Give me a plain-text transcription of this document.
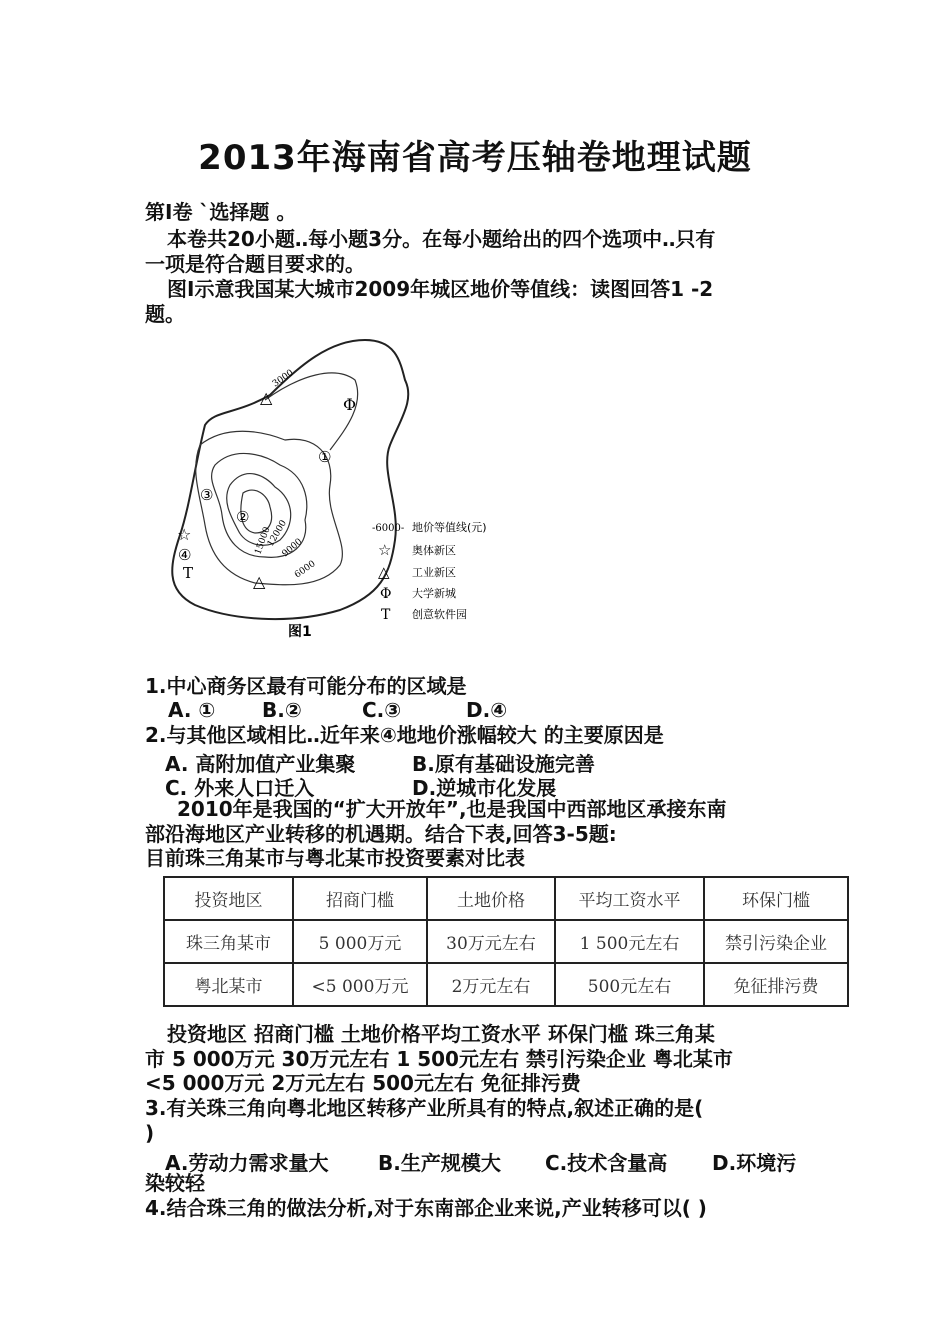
2013年海南省高考压轴卷地理试题
第Ⅰ卷 `选择题 。
本卷共20小题‥每小题3分。在每小题给出的四个选项中‥只有
一项是符合题目要求的。
图Ⅰ示意我国某大城市2009年城区地价等值线：读图回答1 -2
题。
3000
15000
12000
9000
6000
△
△
Φ
☆
T
①
②
③
④
-6000- 地价等值线(元)
☆ 奥体新区
△ 工业新区
Φ 大学新城
T 创意软件园
图1
1.中心商务区最有可能分布的区域是
A. ① B.②	C.③	D.④
2.与其他区域相比‥近年来④地地价涨幅较大 的主要原因是
A. 高附加值产业集聚	B.原有基础设施完善
C. 外来人口迁入	D.逆城市化发展
2010年是我国的“扩大开放年”,也是我国中西部地区承接东南
部沿海地区产业转移的机遇期。结合下表,回答3-5题:
目前珠三角某市与粤北某市投资要素对比表
投资地区	招商门槛	土地价格	平均工资水平	环保门槛
珠三角某市	5 000万元	30万元左右	1 500元左右	禁引污染企业
粤北某市	<5 000万元	2万元左右	500元左右	免征排污费
投资地区 招商门槛 土地价格平均工资水平 环保门槛 珠三角某
市 5 000万元 30万元左右 1 500元左右 禁引污染企业 粤北某市
<5 000万元 2万元左右 500元左右 免征排污费
3.有关珠三角向粤北地区转移产业所具有的特点,叙述正确的是(
)
A.劳动力需求量大 B.生产规模大 C.技术含量高 D.环境污
染较轻
4.结合珠三角的做法分析,对于东南部企业来说,产业转移可以( )
